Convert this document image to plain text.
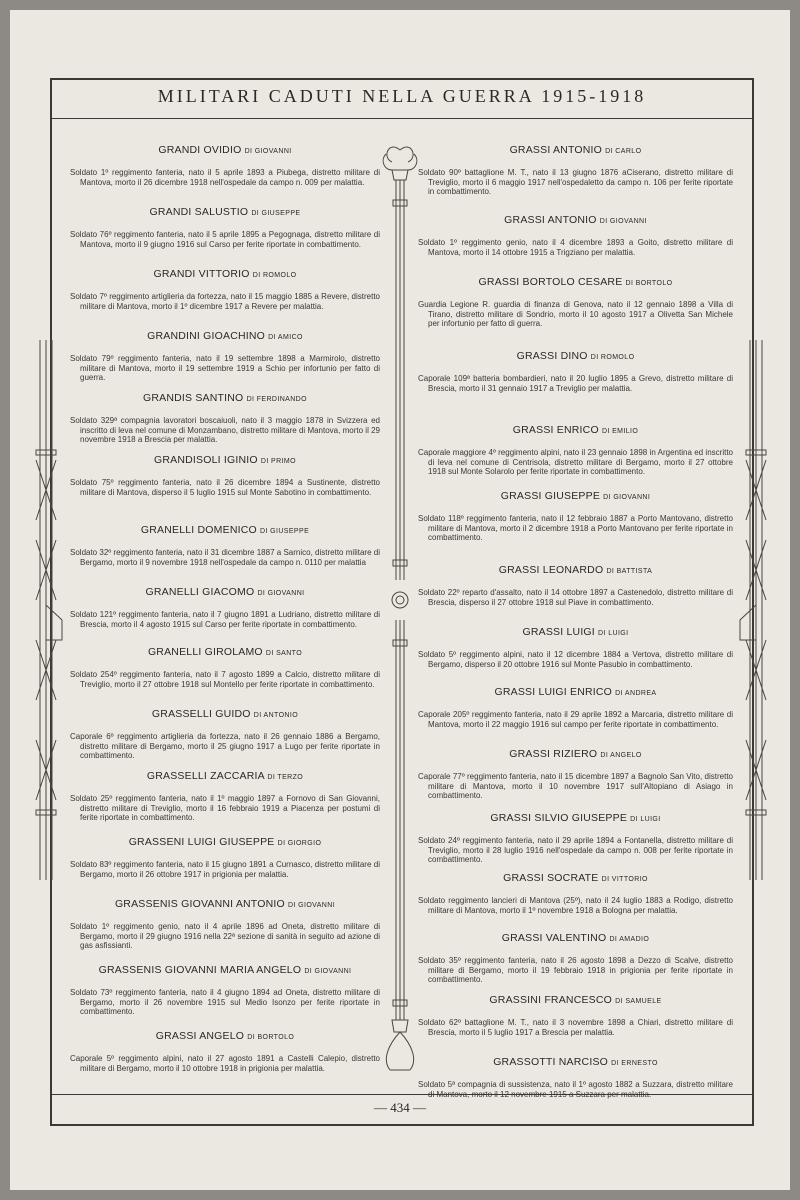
MILITARI CADUTI NELLA GUERRA 1915-1918
GRANDI OVIDIO DI GIOVANNI
Soldato 1º reggimento fanteria, nato il 5 aprile 1893 a Piubega, distretto militare di Mantova, morto il 26 dicembre 1918 nell'ospedale da campo n. 009 per malattia.
GRANDI SALUSTIO DI GIUSEPPE
Soldato 76º reggimento fanteria, nato il 5 aprile 1895 a Pegognaga, distretto militare di Mantova, morto il 9 giugno 1916 sul Carso per ferite riportate in combattimento.
GRANDI VITTORIO DI ROMOLO
Soldato 7º reggimento artiglieria da fortezza, nato il 15 maggio 1885 a Revere, distretto militare di Mantova, morto il 1º dicembre 1917 a Revere per malattia.
GRANDINI GIOACHINO DI AMICO
Soldato 79º reggimento fanteria, nato il 19 settembre 1898 a Marmirolo, distretto militare di Mantova, morto il 19 settembre 1919 a Schio per infortunio per fatto di guerra.
GRANDIS SANTINO DI FERDINANDO
Soldato 329ª compagnia lavoratori boscaiuoli, nato il 3 maggio 1878 in Svizzera ed inscritto di leva nel comune di Monzambano, distretto militare di Mantova, morto il 29 novembre 1918 a Brescia per malattia.
GRANDISOLI IGINIO DI PRIMO
Soldato 75º reggimento fanteria, nato il 26 dicembre 1894 a Sustinente, distretto militare di Mantova, disperso il 5 luglio 1915 sul Monte Sabotino in combattimento.
GRANELLI DOMENICO DI GIUSEPPE
Soldato 32º reggimento fanteria, nato il 31 dicembre 1887 a Sarnico, distretto militare di Bergamo, morto il 9 novembre 1918 nell'ospedale da campo n. 0110 per malattia
GRANELLI GIACOMO DI GIOVANNI
Soldato 121º reggimento fanteria, nato il 7 giugno 1891 a Ludriano, distretto militare di Brescia, morto il 4 agosto 1915 sul Carso per ferite riportate in combattimento.
GRANELLI GIROLAMO DI SANTO
Soldato 254º reggimento fanteria, nato il 7 agosto 1899 a Calcio, distretto militare di Treviglio, morto il 27 ottobre 1918 sul Montello per ferite riportate in combattimento.
GRASSELLI GUIDO DI ANTONIO
Caporale 6º reggimento artiglieria da fortezza, nato il 26 gennaio 1886 a Bergamo, distretto militare di Bergamo, morto il 25 giugno 1917 a Lugo per ferite riportate in combattimento.
GRASSELLI ZACCARIA DI TERZO
Soldato 25º reggimento fanteria, nato il 1º maggio 1897 a Fornovo di San Giovanni, distretto militare di Treviglio, morto il 16 febbraio 1919 a Piacenza per postumi di ferite riportate in combattimento.
GRASSENI LUIGI GIUSEPPE DI GIORGIO
Soldato 83º reggimento fanteria, nato il 15 giugno 1891 a Curnasco, distretto militare di Bergamo, morto il 26 ottobre 1917 in prigionia per malattia.
GRASSENIS GIOVANNI ANTONIO DI GIOVANNI
Soldato 1º reggimento genio, nato il 4 aprile 1896 ad Oneta, distretto militare di Bergamo, morto il 29 giugno 1916 nella 22ª sezione di sanità in seguito ad azione di gas asfissianti.
GRASSENIS GIOVANNI MARIA ANGELO DI GIOVANNI
Soldato 73º reggimento fanteria, nato il 4 giugno 1894 ad Oneta, distretto militare di Bergamo, morto il 26 novembre 1915 sul Medio Isonzo per ferite riportate in combattimento.
GRASSI ANGELO DI BORTOLO
Caporale 5º reggimento alpini, nato il 27 agosto 1891 a Castelli Calepio, distretto militare di Bergamo, morto il 10 ottobre 1918 in prigionia per malattia.
GRASSI ANTONIO DI CARLO
Soldato 90º battaglione M. T., nato il 13 giugno 1876 aCiserano, distretto militare di Treviglio, morto il 6 maggio 1917 nell'ospedaletto da campo n. 106 per ferite riportate in combattimento.
GRASSI ANTONIO DI GIOVANNI
Soldato 1º reggimento genio, nato il 4 dicembre 1893 a Goito, distretto militare di Mantova, morto il 14 ottobre 1915 a Trigziano per malattia.
GRASSI BORTOLO CESARE DI BORTOLO
Guardia Legione R. guardia di finanza di Genova, nato il 12 gennaio 1898 a Villa di Tirano, distretto militare di Sondrio, morto il 10 agosto 1917 a Olivetta San Michele per infortunio per fatto di guerra.
GRASSI DINO DI ROMOLO
Caporale 109ª batteria bombardieri, nato il 20 luglio 1895 a Grevo, distretto militare di Brescia, morto il 31 gennaio 1917 a Treviglio per malattia.
GRASSI ENRICO DI EMILIO
Caporale maggiore 4º reggimento alpini, nato il 23 gennaio 1898 in Argentina ed inscritto di leva nel comune di Centrisola, distretto militare di Bergamo, morto il 27 ottobre 1918 sul Monte Solarolo per ferite riportate in combattimento.
GRASSI GIUSEPPE DI GIOVANNI
Soldato 118º reggimento fanteria, nato il 12 febbraio 1887 a Porto Mantovano, distretto militare di Mantova, morto il 2 dicembre 1918 a Porto Mantovano per ferite riportate in combattimento.
GRASSI LEONARDO DI BATTISTA
Soldato 22º reparto d'assalto, nato il 14 ottobre 1897 a Castenedolo, distretto militare di Brescia, disperso il 27 ottobre 1918 sul Piave in combattimento.
GRASSI LUIGI DI LUIGI
Soldato 5º reggimento alpini, nato il 12 dicembre 1884 a Vertova, distretto militare di Bergamo, disperso il 20 ottobre 1916 sul Monte Pasubio in combattimento.
GRASSI LUIGI ENRICO DI ANDREA
Caporale 205º reggimento fanteria, nato il 29 aprile 1892 a Marcaria, distretto militare di Mantova, morto il 22 maggio 1916 sul campo per ferite riportate in combattimento.
GRASSI RIZIERO DI ANGELO
Caporale 77º reggimento fanteria, nato il 15 dicembre 1897 a Bagnolo San Vito, distretto militare di Mantova, morto il 10 novembre 1917 sull'Altopiano di Asiago in combattimento.
GRASSI SILVIO GIUSEPPE DI LUIGI
Soldato 24º reggimento fanteria, nato il 29 aprile 1894 a Fontanella, distretto militare di Treviglio, morto il 28 luglio 1916 nell'ospedale da campo n. 008 per ferite riportate in combattimento.
GRASSI SOCRATE DI VITTORIO
Soldato reggimento lancieri di Mantova (25º), nato il 24 luglio 1883 a Rodigo, distretto militare di Mantova, morto il 1º novembre 1918 a Bologna per malattia.
GRASSI VALENTINO DI AMADIO
Soldato 35º reggimento fanteria, nato il 26 agosto 1898 a Dezzo di Scalve, distretto militare di Bergamo, morto il 19 febbraio 1918 in prigionia per ferite riportate in combattimento.
GRASSINI FRANCESCO DI SAMUELE
Soldato 62º battaglione M. T., nato il 3 novembre 1898 a Chiari, distretto militare di Brescia, morto il 5 luglio 1917 a Brescia per malattia.
GRASSOTTI NARCISO DI ERNESTO
Soldato 5ª compagnia di sussistenza, nato il 1º agosto 1882 a Suzzara, distretto militare di Mantova, morto il 12 novembre 1915 a Suzzara per malattia.
— 434 —
